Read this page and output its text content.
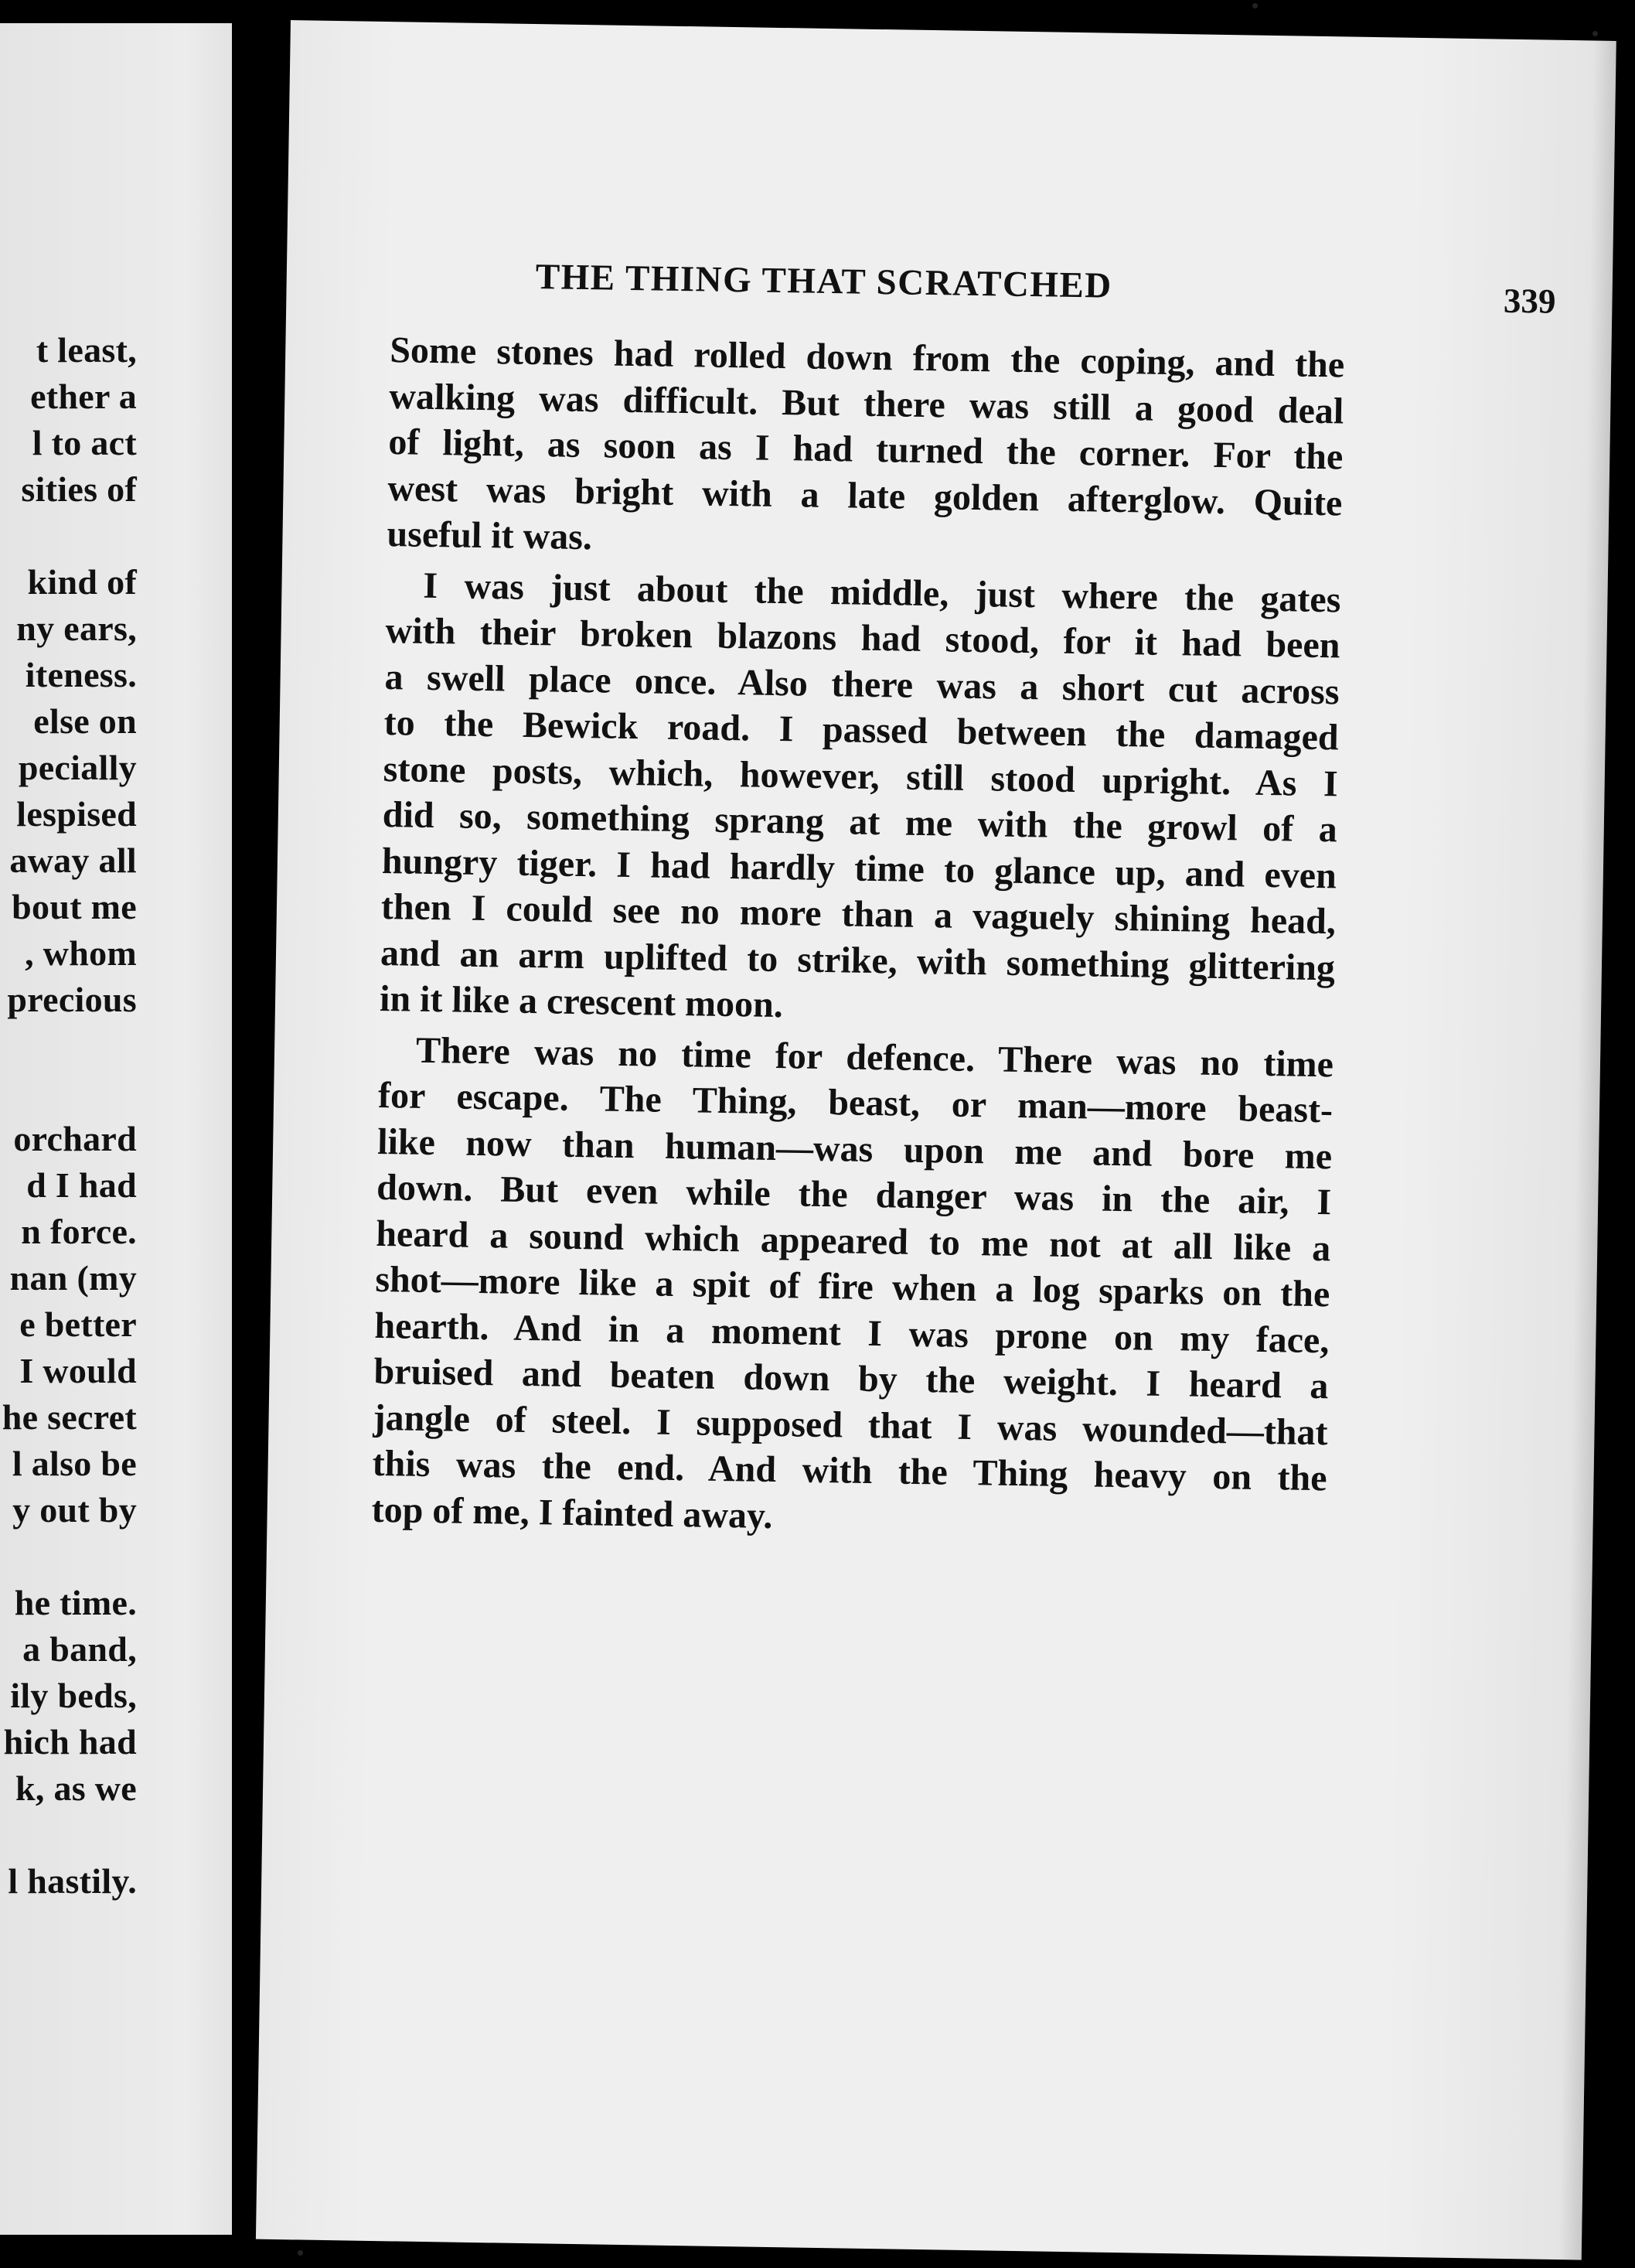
t least,
ether a
l to act
sities of
kind of
ny ears,
iteness.
else on
pecially
lespised
away all
bout me
, whom
precious
orchard
d I had
n force.
nan (my
e better
I would
he secret
l also be
y out by
he time.
a band,
ily beds,
hich had
k, as we
l hastily.
THE THING THAT SCRATCHED	339
Some stones had rolled down from the coping, and the
walking was difficult. But there was still a good deal
of light, as soon as I had turned the corner. For the
west was bright with a late golden afterglow. Quite
useful it was.
I was just about the middle, just where the gates
with their broken blazons had stood, for it had been
a swell place once. Also there was a short cut across
to the Bewick road. I passed between the damaged
stone posts, which, however, still stood upright. As I
did so, something sprang at me with the growl of a
hungry tiger. I had hardly time to glance up, and even
then I could see no more than a vaguely shining head,
and an arm uplifted to strike, with something glittering
in it like a crescent moon.
There was no time for defence. There was no time
for escape. The Thing, beast, or man—more beast-
like now than human—was upon me and bore me
down. But even while the danger was in the air, I
heard a sound which appeared to me not at all like a
shot—more like a spit of fire when a log sparks on the
hearth. And in a moment I was prone on my face,
bruised and beaten down by the weight. I heard a
jangle of steel. I supposed that I was wounded—that
this was the end. And with the Thing heavy on the
top of me, I fainted away.
